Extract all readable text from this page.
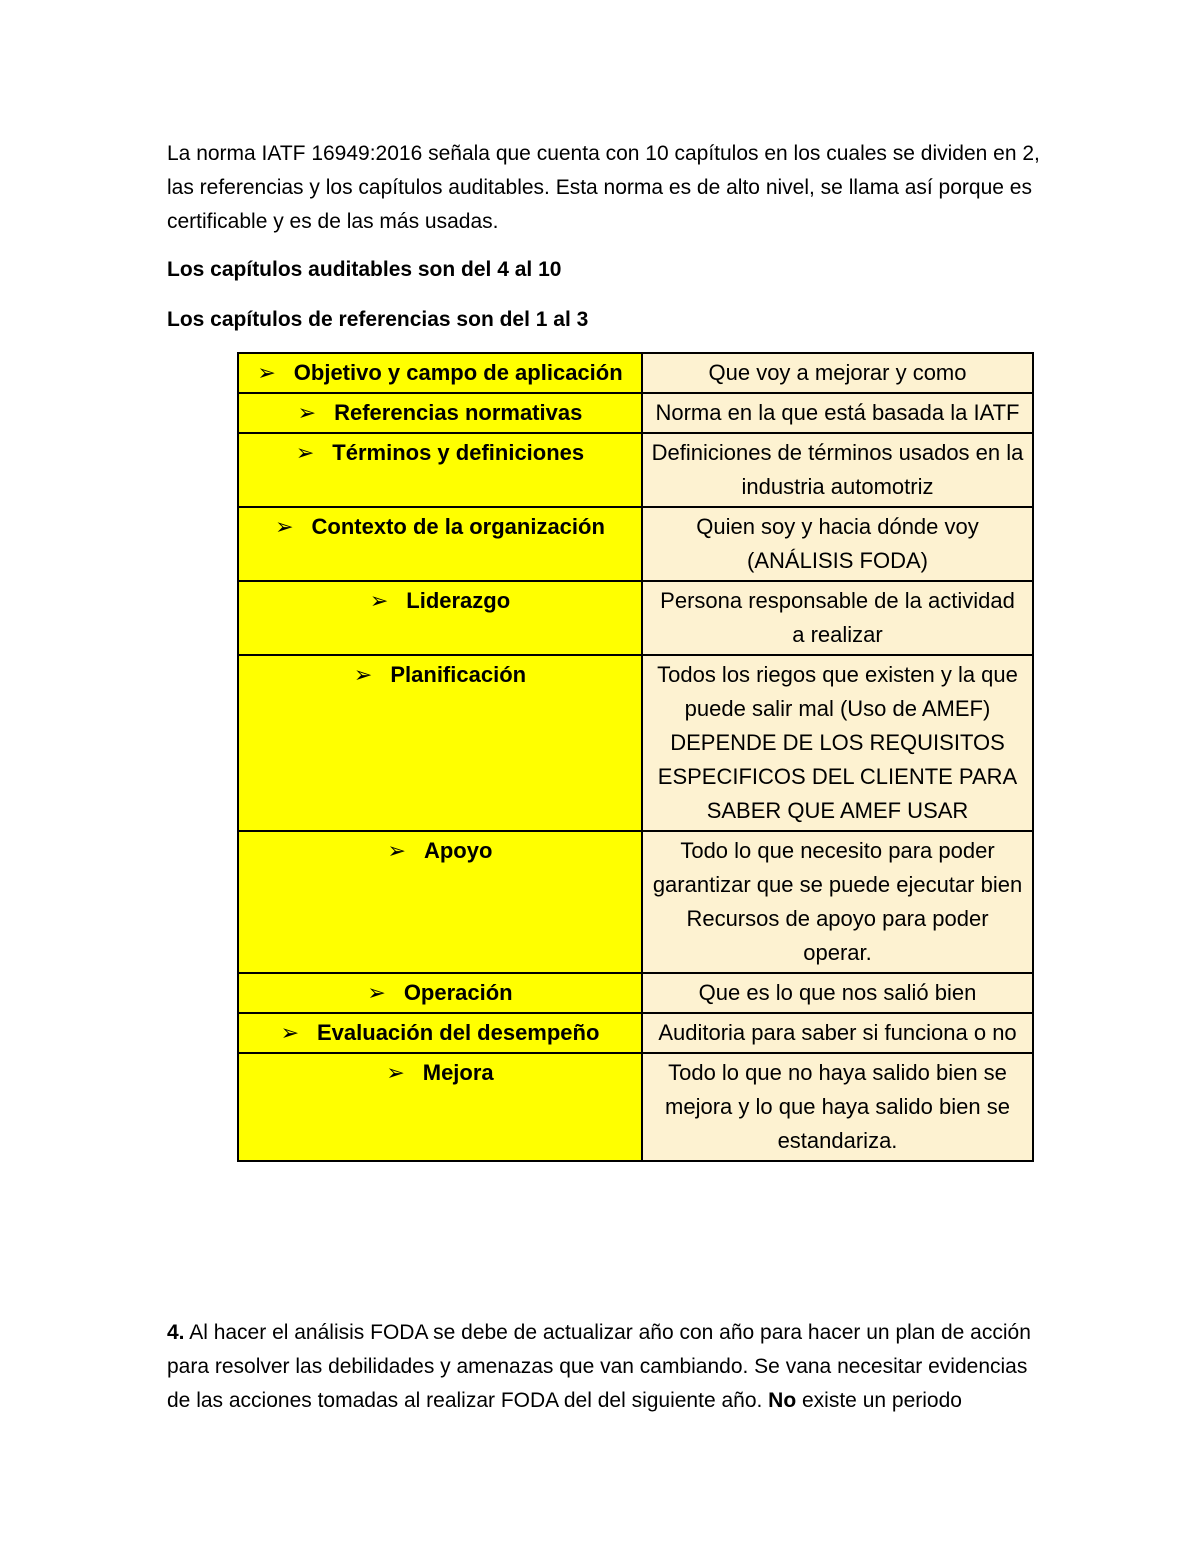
La norma IATF 16949:2016 señala que cuenta con 10 capítulos en los cuales se dividen en 2, las referencias y los capítulos auditables. Esta norma es de alto nivel, se llama así porque es certificable y es de las más usadas.

Los capítulos auditables son del 4 al 10

Los capítulos de referencias son del 1 al 3

➢ Objetivo y campo de aplicación	Que voy a mejorar y como

➢ Referencias normativas	Norma en la que está basada la IATF

➢ Términos y definiciones	Definiciones de términos usados en la industria automotriz

➢ Contexto de la organización	Quien soy y hacia dónde voy (ANÁLISIS FODA)

➢ Liderazgo	Persona responsable de la actividad a realizar

➢ Planificación	Todos los riegos que existen y la que puede salir mal (Uso de AMEF) DEPENDE DE LOS REQUISITOS ESPECIFICOS DEL CLIENTE PARA SABER QUE AMEF USAR

➢ Apoyo	Todo lo que necesito para poder garantizar que se puede ejecutar bien
Recursos de apoyo para poder operar.

➢ Operación	Que es lo que nos salió bien

➢ Evaluación del desempeño	Auditoria para saber si funciona o no

➢ Mejora	Todo lo que no haya salido bien se mejora y lo que haya salido bien se estandariza.

4. Al hacer el análisis FODA se debe de actualizar año con año para hacer un plan de acción para resolver las debilidades y amenazas que van cambiando. Se vana necesitar evidencias de las acciones tomadas al realizar FODA del del siguiente año. No existe un periodo
